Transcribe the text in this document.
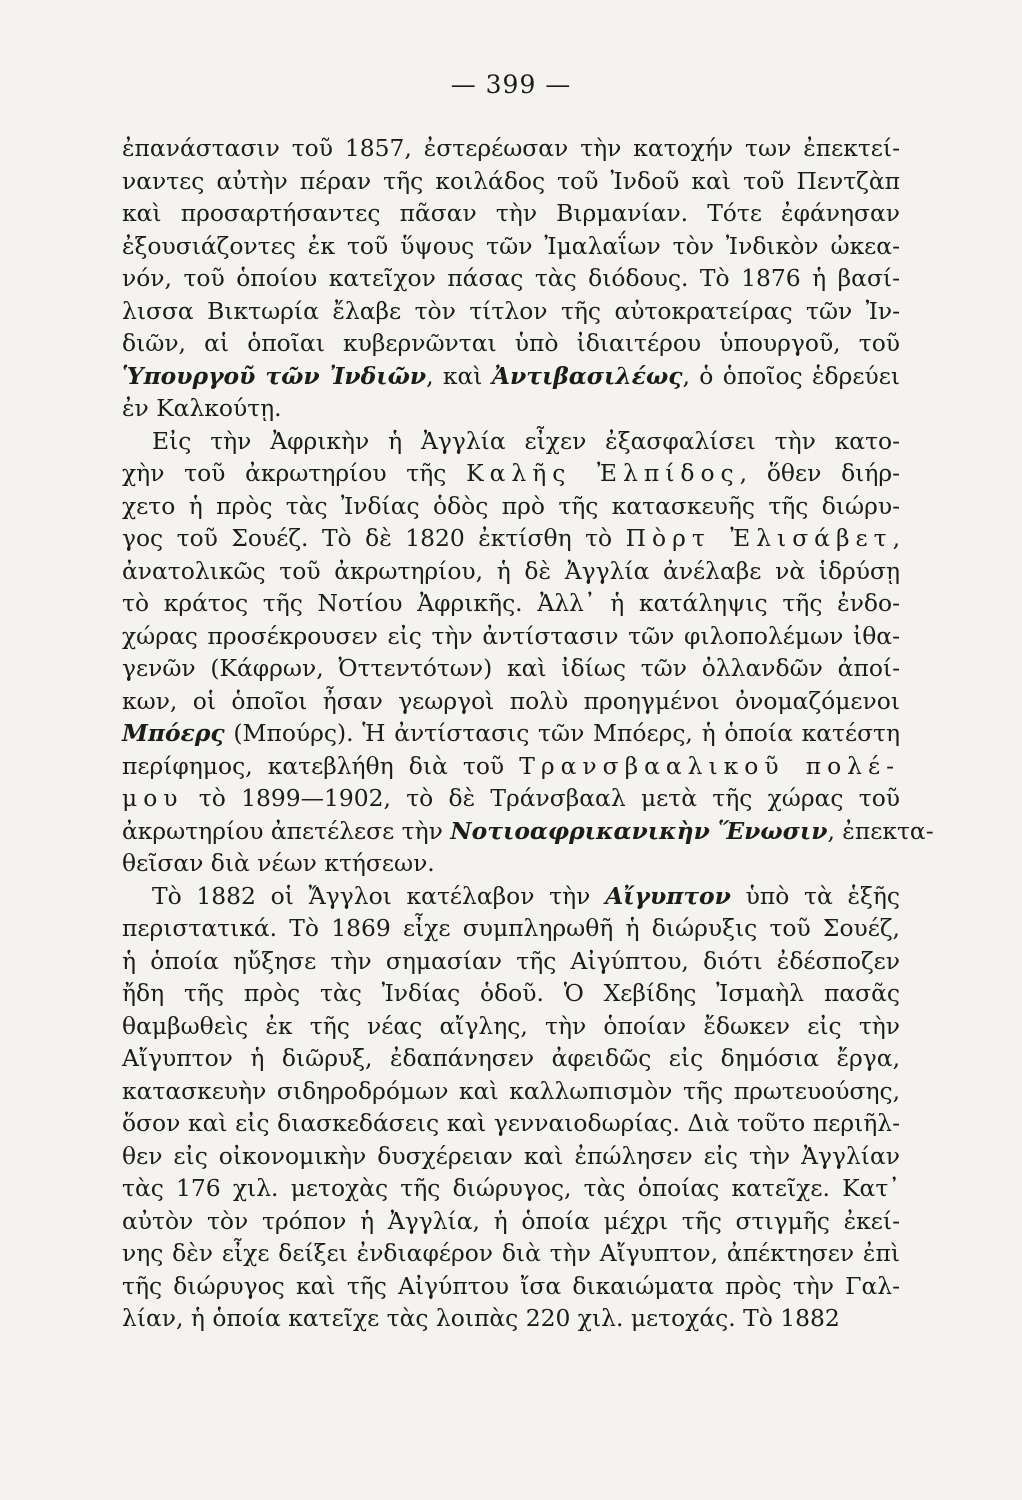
— 399 —
ἐπανάστασιν τοῦ 1857, ἐστερέωσαν τὴν κατοχήν των ἐπεκτεί-
ναντες αὐτὴν πέραν τῆς κοιλάδος τοῦ Ἰνδοῦ καὶ τοῦ Πεντζὰπ
καὶ προσαρτήσαντες πᾶσαν τὴν Βιρμανίαν. Τότε ἐφάνησαν
ἐξουσιάζοντες ἐκ τοῦ ὕψους τῶν Ἰμαλαΐων τὸν Ἰνδικὸν ὠκεα-
νόν, τοῦ ὁποίου κατεῖχον πάσας τὰς διόδους. Τὸ 1876 ἡ βασί-
λισσα Βικτωρία ἔλαβε τὸν τίτλον τῆς αὐτοκρατείρας τῶν Ἰν-
διῶν, αἱ ὁποῖαι κυβερνῶνται ὑπὸ ἰδιαιτέρου ὑπουργοῦ, τοῦ
Ὑπουργοῦ τῶν Ἰνδιῶν, καὶ Ἀντιβασιλέως, ὁ ὁποῖος ἑδρεύει
ἐν Καλκούτῃ.
Εἰς τὴν Ἀφρικὴν ἡ Ἀγγλία εἶχεν ἐξασφαλίσει τὴν κατο-
χὴν τοῦ ἀκρωτηρίου τῆς Καλῆς Ἐλπίδος, ὅθεν διήρ-
χετο ἡ πρὸς τὰς Ἰνδίας ὁδὸς πρὸ τῆς κατασκευῆς τῆς διώρυ-
γος τοῦ Σουέζ. Τὸ δὲ 1820 ἐκτίσθη τὸ Πὸρτ Ἐλισάβετ,
ἀνατολικῶς τοῦ ἀκρωτηρίου, ἡ δὲ Ἀγγλία ἀνέλαβε νὰ ἱδρύσῃ
τὸ κράτος τῆς Νοτίου Ἀφρικῆς. Ἀλλ᾽ ἡ κατάληψις τῆς ἐνδο-
χώρας προσέκρουσεν εἰς τὴν ἀντίστασιν τῶν φιλοπολέμων ἰθα-
γενῶν (Κάφρων, Ὀττεντότων) καὶ ἰδίως τῶν ὀλλανδῶν ἀποί-
κων, οἱ ὁποῖοι ἦσαν γεωργοὶ πολὺ προηγμένοι ὀνομαζόμενοι
Μπόερς (Μπούρς). Ἡ ἀντίστασις τῶν Μπόερς, ἡ ὁποία κατέστη
περίφημος, κατεβλήθη διὰ τοῦ Τρανσβααλικοῦ πολέ-
μου τὸ 1899—1902, τὸ δὲ Τράνσβααλ μετὰ τῆς χώρας τοῦ
ἀκρωτηρίου ἀπετέλεσε τὴν Νοτιοαφρικανικὴν Ἕνωσιν, ἐπεκτα-
θεῖσαν διὰ νέων κτήσεων.
Τὸ 1882 οἱ Ἄγγλοι κατέλαβον τὴν Αἴγυπτον ὑπὸ τὰ ἑξῆς
περιστατικά. Τὸ 1869 εἶχε συμπληρωθῆ ἡ διώρυξις τοῦ Σουέζ,
ἡ ὁποία ηὔξησε τὴν σημασίαν τῆς Αἰγύπτου, διότι ἐδέσποζεν
ἤδη τῆς πρὸς τὰς Ἰνδίας ὁδοῦ. Ὁ Χεβίδης Ἰσμαὴλ πασᾶς
θαμβωθεὶς ἐκ τῆς νέας αἴγλης, τὴν ὁποίαν ἔδωκεν εἰς τὴν
Αἴγυπτον ἡ διῶρυξ, ἐδαπάνησεν ἀφειδῶς εἰς δημόσια ἔργα,
κατασκευὴν σιδηροδρόμων καὶ καλλωπισμὸν τῆς πρωτευούσης,
ὅσον καὶ εἰς διασκεδάσεις καὶ γενναιοδωρίας. Διὰ τοῦτο περιῆλ-
θεν εἰς οἰκονομικὴν δυσχέρειαν καὶ ἐπώλησεν εἰς τὴν Ἀγγλίαν
τὰς 176 χιλ. μετοχὰς τῆς διώρυγος, τὰς ὁποίας κατεῖχε. Κατ᾽
αὐτὸν τὸν τρόπον ἡ Ἀγγλία, ἡ ὁποία μέχρι τῆς στιγμῆς ἐκεί-
νης δὲν εἶχε δείξει ἐνδιαφέρον διὰ τὴν Αἴγυπτον, ἀπέκτησεν ἐπὶ
τῆς διώρυγος καὶ τῆς Αἰγύπτου ἴσα δικαιώματα πρὸς τὴν Γαλ-
λίαν, ἡ ὁποία κατεῖχε τὰς λοιπὰς 220 χιλ. μετοχάς. Τὸ 1882
